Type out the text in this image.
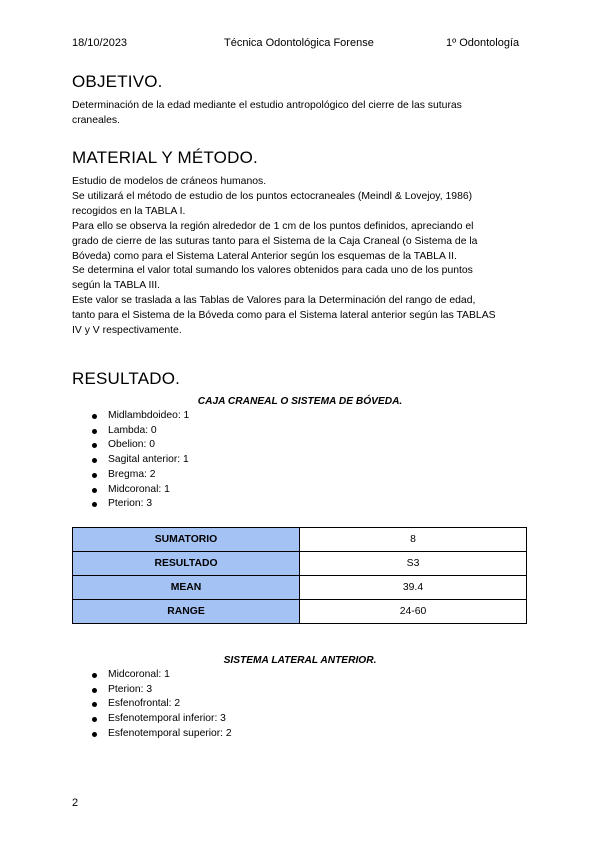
18/10/2023	Técnica Odontológica Forense	1º Odontología
OBJETIVO.

Determinación de la edad mediante el estudio antropológico del cierre de las suturas

craneales.

MATERIAL Y MÉTODO.

Estudio de modelos de cráneos humanos.

Se utilizará el método de estudio de los puntos ectocraneales (Meindl & Lovejoy, 1986)

recogidos en la TABLA I.

Para ello se observa la región alrededor de 1 cm de los puntos definidos, apreciando el

grado de cierre de las suturas tanto para el Sistema de la Caja Craneal (o Sistema de la

Bóveda) como para el Sistema Lateral Anterior según los esquemas de la TABLA II.

Se determina el valor total sumando los valores obtenidos para cada uno de los puntos

según la TABLA III.

Este valor se traslada a las Tablas de Valores para la Determinación del rango de edad,

tanto para el Sistema de la Bóveda como para el Sistema lateral anterior según las TABLAS

IV y V respectivamente.

RESULTADO.
CAJA CRANEAL O SISTEMA DE BÓVEDA.
Midlambdoideo: 1
Lambda: 0
Obelion: 0
Sagital anterior: 1
Bregma: 2
Midcoronal: 1
Pterion: 3
SUMATORIO	8
RESULTADO	S3
MEAN	39.4
RANGE	24-60
SISTEMA LATERAL ANTERIOR.
Midcoronal: 1
Pterion: 3
Esfenofrontal: 2
Esfenotemporal inferior: 3
Esfenotemporal superior: 2
2
